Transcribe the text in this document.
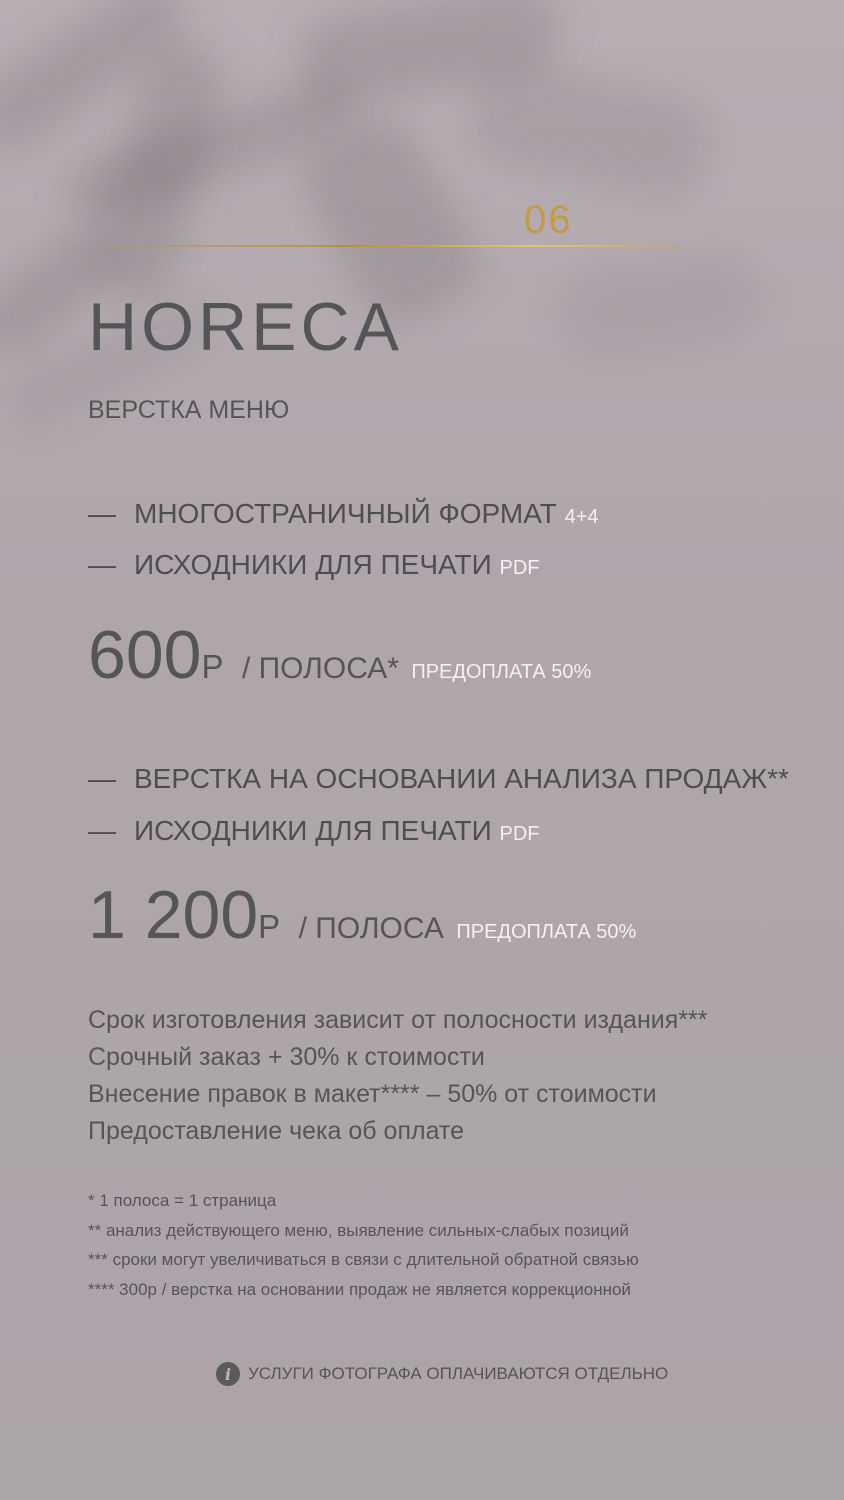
06
HORECA
ВЕРСТКА МЕНЮ
— МНОГОСТРАНИЧНЫЙ ФОРМАТ 4+4
— ИСХОДНИКИ ДЛЯ ПЕЧАТИ PDF
600Р / ПОЛОСА* ПРЕДОПЛАТА 50%
— ВЕРСТКА НА ОСНОВАНИИ АНАЛИЗА ПРОДАЖ**
— ИСХОДНИКИ ДЛЯ ПЕЧАТИ PDF
1 200Р / ПОЛОСА ПРЕДОПЛАТА 50%
Срок изготовления зависит от полосности издания***
Срочный заказ + 30% к стоимости
Внесение правок в макет**** – 50% от стоимости
Предоставление чека об оплате
* 1 полоса = 1 страница
** анализ действующего меню, выявление сильных-слабых позиций
*** сроки могут увеличиваться в связи с длительной обратной связью
**** 300р / верстка на основании продаж не является коррекционной
i УСЛУГИ ФОТОГРАФА ОПЛАЧИВАЮТСЯ ОТДЕЛЬНО
